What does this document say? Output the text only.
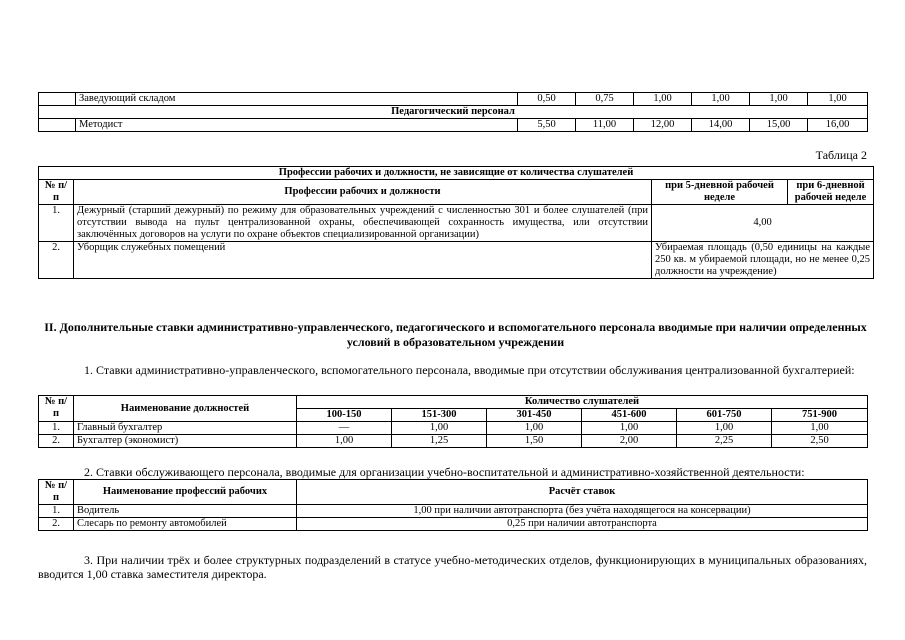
	Заведующий складом	0,50	0,75	1,00	1,00	1,00	1,00
Педагогический персонал							
	Методист	5,50	11,00	12,00	14,00	15,00	16,00
Таблица 2
Профессии рабочих и должности, не зависящие от количества слушателей			
№ п/п	Профессии рабочих и должности	при 5-дневной рабочей неделе	при 6-дневной рабочей неделе
1.	Дежурный (старший дежурный) по режиму для образовательных учреждений с численностью 301 и более слушателей (при отсутствии вывода на пульт централизованной охраны, обеспечивающей сохранность имущества, или отсутствии заключённых договоров на услуги по охране объектов специализированной организации)	4,00	
2.	Уборщик служебных помещений	Убираемая площадь (0,50 единицы на каждые 250 кв. м убираемой площади, но не менее 0,25 должности на учреждение)	
II. Дополнительные ставки административно-управленческого, педагогического и вспомогательного персонала вводимые при наличии определенных условий в образовательном учреждении
1. Ставки административно-управленческого, вспомогательного персонала, вводимые при отсутствии обслуживания централизованной бухгалтерией:
№ п/п	Наименование должностей	Количество слушателей					
		100-150	151-300	301-450	451-600	601-750	751-900
1.	Главный бухгалтер	—	1,00	1,00	1,00	1,00	1,00
2.	Бухгалтер (экономист)	1,00	1,25	1,50	2,00	2,25	2,50
2. Ставки обслуживающего персонала, вводимые для организации учебно-воспитательной и административно-хозяйственной деятельности:
№ п/п	Наименование профессий рабочих	Расчёт ставок
1.	Водитель	1,00 при наличии автотранспорта (без учёта находящегося на консервации)
2.	Слесарь по ремонту автомобилей	0,25 при наличии автотранспорта
3. При наличии трёх и более структурных подразделений в статусе учебно-методических отделов, функционирующих в муниципальных образованиях, вводится 1,00 ставка заместителя директора.
